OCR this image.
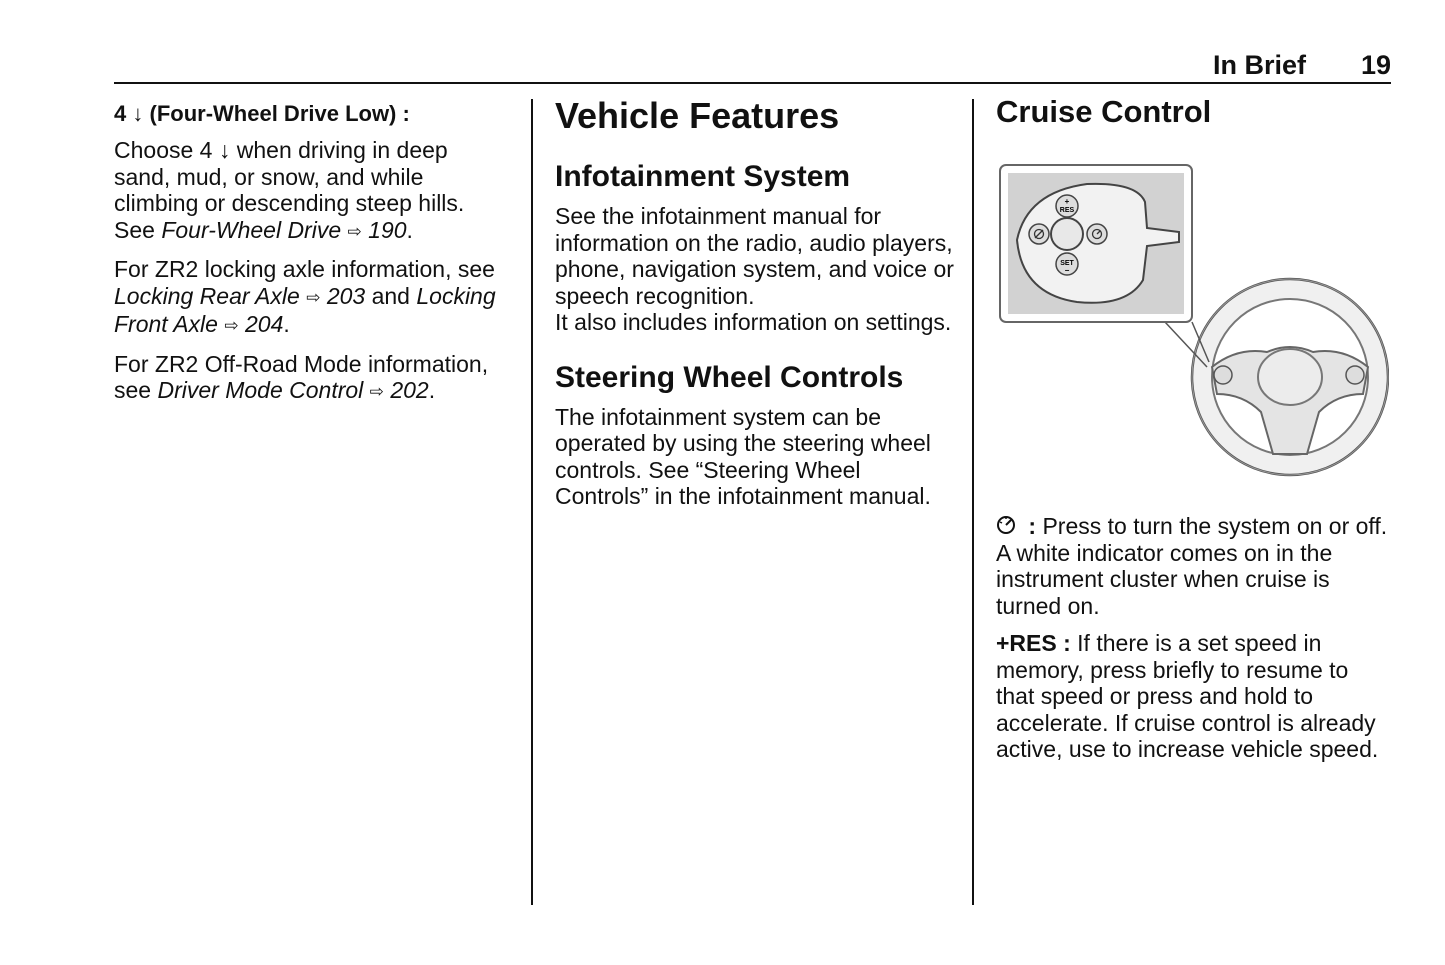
In Brief 19
4 ↓ (Four-Wheel Drive Low) :

Choose 4 ↓ when driving in deep sand, mud, or snow, and while climbing or descending steep hills. See Four-Wheel Drive ⇨ 190.

For ZR2 locking axle information, see Locking Rear Axle ⇨ 203 and Locking Front Axle ⇨ 204.

For ZR2 Off-Road Mode information, see Driver Mode Control ⇨ 202.

Vehicle Features
Infotainment System

See the infotainment manual for information on the radio, audio players, phone, navigation system, and voice or speech recognition.
It also includes information on settings.

Steering Wheel Controls

The infotainment system can be operated by using the steering wheel controls. See “Steering Wheel Controls” in the infotainment manual.

Cruise Control
+
RES
SET
−

: Press to turn the system on or off. A white indicator comes on in the instrument cluster when cruise is turned on.

+RES : If there is a set speed in memory, press briefly to resume to that speed or press and hold to accelerate. If cruise control is already active, use to increase vehicle speed.
